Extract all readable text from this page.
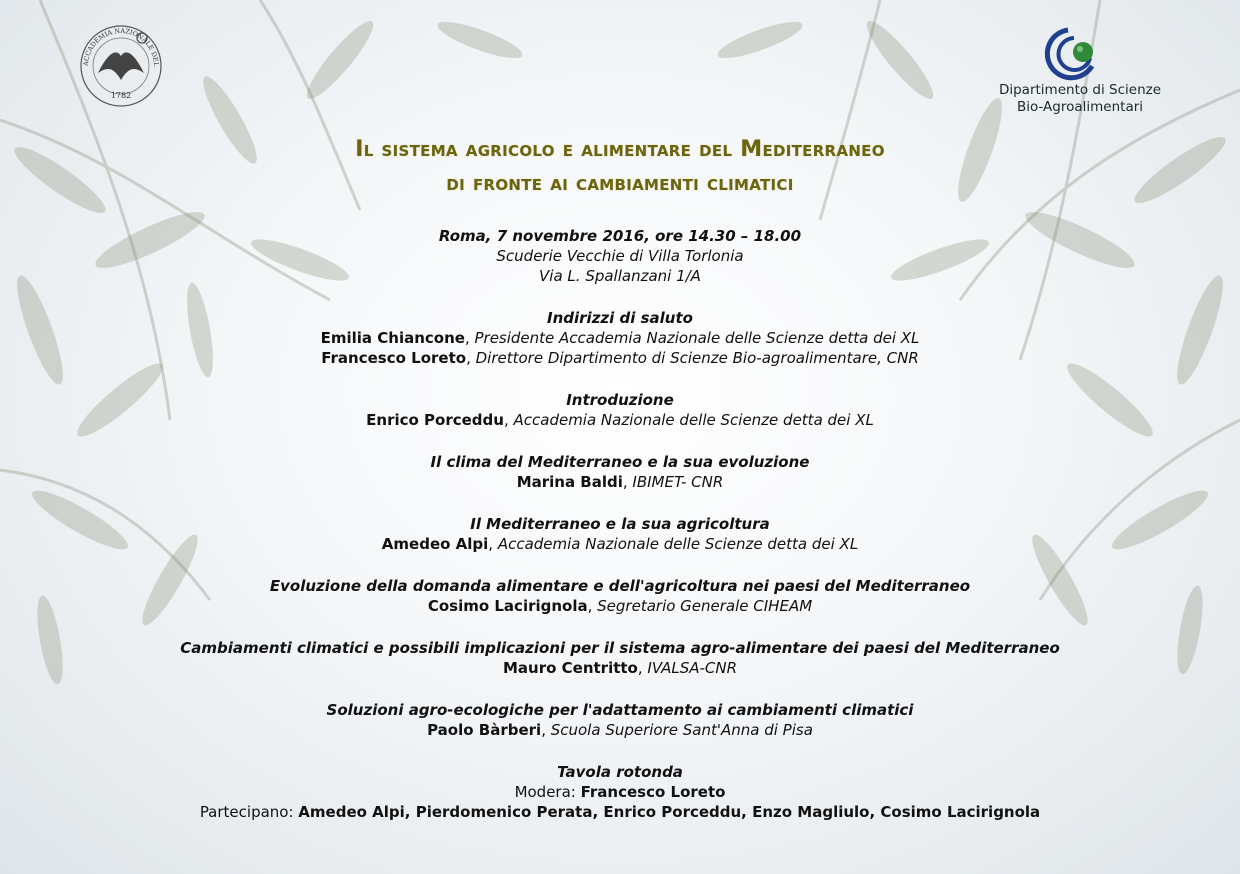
1782
ACCADEMIA NAZIONALE DEL
Dipartimento di Scienze
Bio-Agroalimentari
Il sistema agricolo e alimentare del Mediterraneo
di fronte ai cambiamenti climatici

Roma, 7 novembre 2016, ore 14.30 – 18.00

Scuderie Vecchie di Villa Torlonia

Via L. Spallanzani 1/A

Indirizzi di saluto

Emilia Chiancone, Presidente Accademia Nazionale delle Scienze detta dei XL

Francesco Loreto, Direttore Dipartimento di Scienze Bio-agroalimentare, CNR

Introduzione

Enrico Porceddu, Accademia Nazionale delle Scienze detta dei XL

Il clima del Mediterraneo e la sua evoluzione

Marina Baldi, IBIMET- CNR

Il Mediterraneo e la sua agricoltura

Amedeo Alpi, Accademia Nazionale delle Scienze detta dei XL

Evoluzione della domanda alimentare e dell'agricoltura nei paesi del Mediterraneo

Cosimo Lacirignola, Segretario Generale CIHEAM

Cambiamenti climatici e possibili implicazioni per il sistema agro-alimentare dei paesi del Mediterraneo

Mauro Centritto, IVALSA-CNR

Soluzioni agro-ecologiche per l'adattamento ai cambiamenti climatici

Paolo Bàrberi, Scuola Superiore Sant'Anna di Pisa

Tavola rotonda

Modera: Francesco Loreto

Partecipano: Amedeo Alpi, Pierdomenico Perata, Enrico Porceddu, Enzo Magliulo, Cosimo Lacirignola
